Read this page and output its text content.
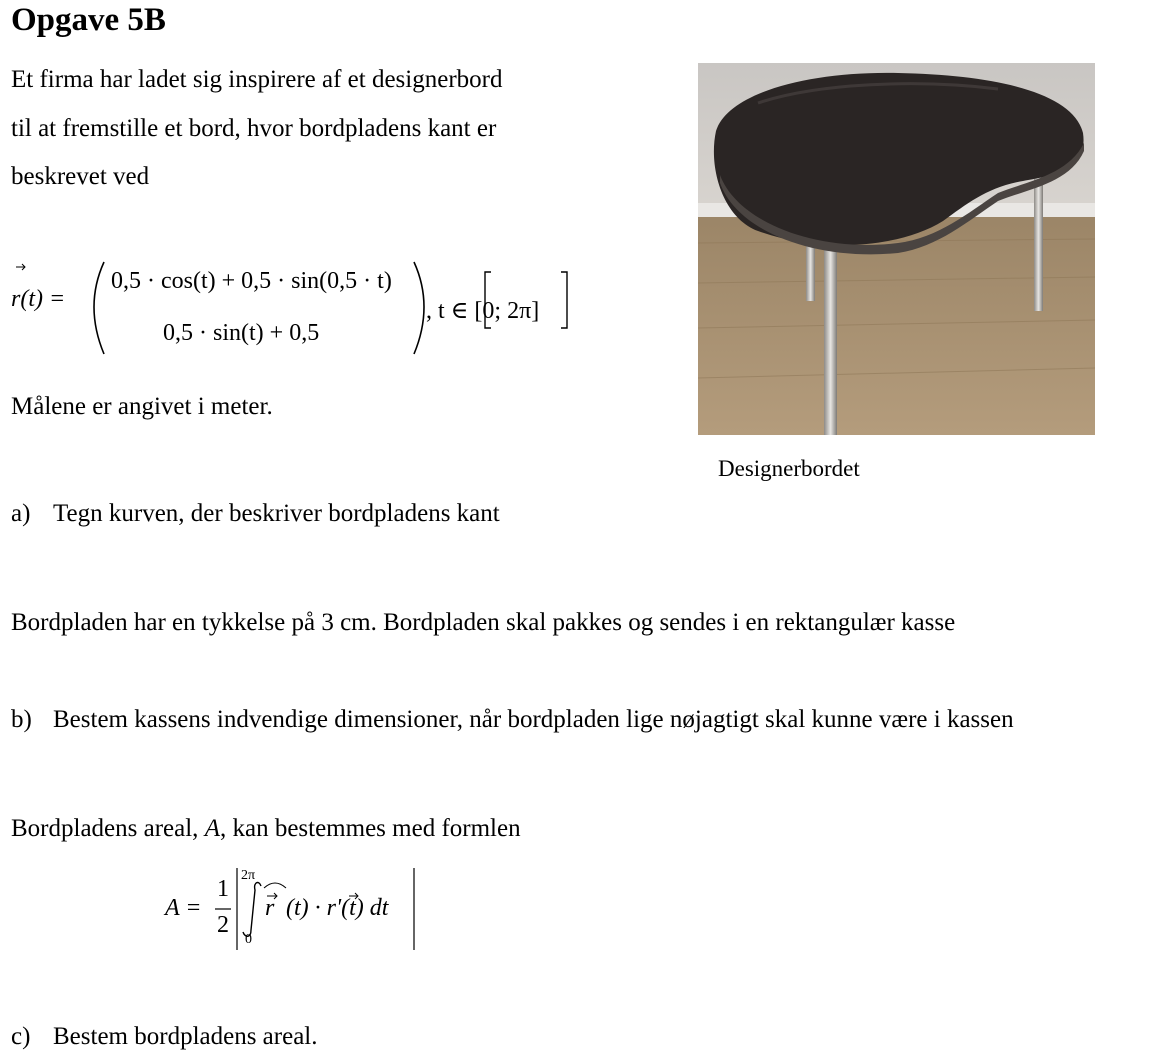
Opgave 5B
Et firma har ladet sig inspirere af et designerbord
til at fremstille et bord, hvor bordpladens kant er
beskrevet ved
r(t) =
0,5 · cos(t) + 0,5 · sin(0,5 · t)
0,5 · sin(t) + 0,5
, t ∈ [0; 2π]
Målene er angivet i meter.
Designerbordet
a) Tegn kurven, der beskriver bordpladens kant
Bordpladen har en tykkelse på 3 cm. Bordpladen skal pakkes og sendes i en rektangulær kasse
b) Bestem kassens indvendige dimensioner, når bordpladen lige nøjagtigt skal kunne være i kassen
Bordpladens areal, A, kan bestemmes med formlen
A =
1
2
2π
0
r (t) · r'(t) dt
c) Bestem bordpladens areal.
